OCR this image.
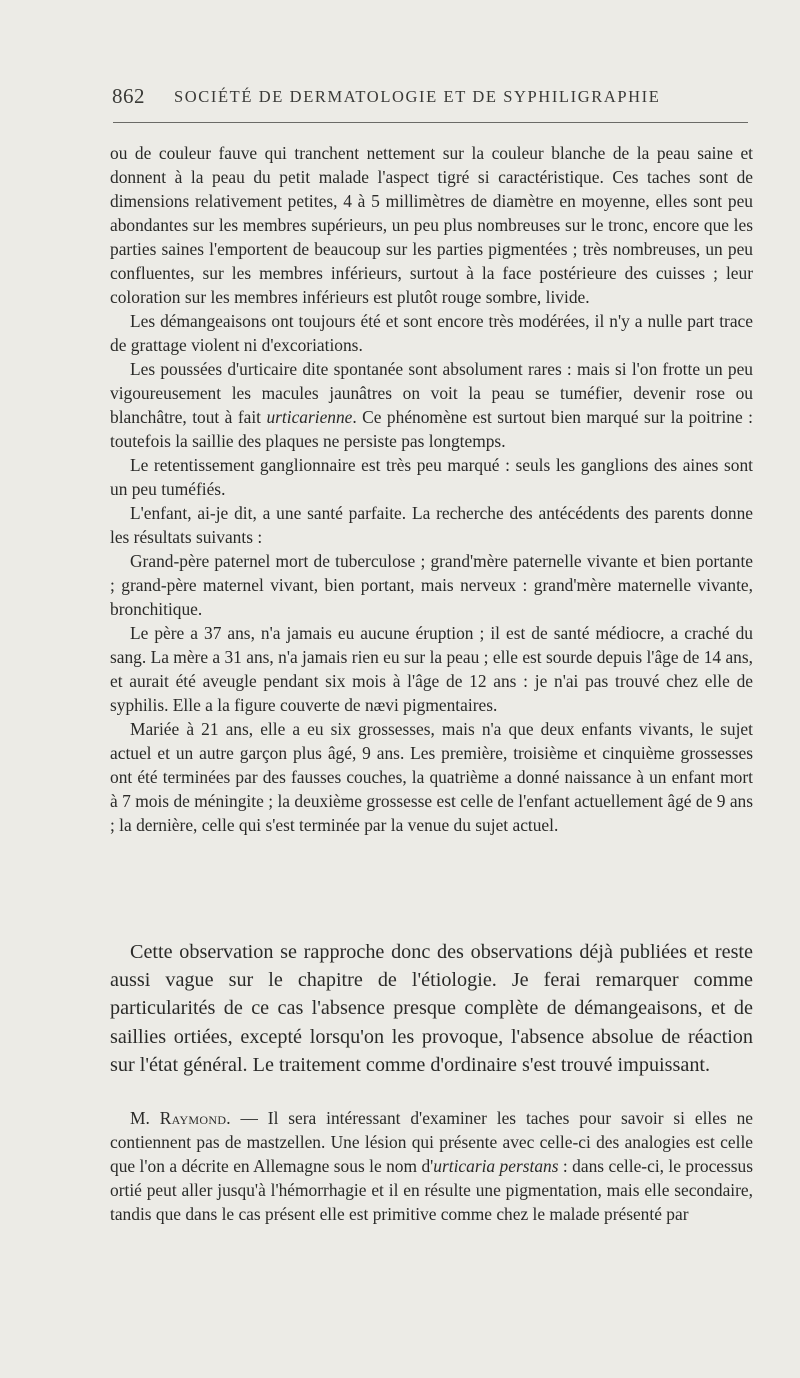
862 SOCIÉTÉ DE DERMATOLOGIE ET DE SYPHILIGRAPHIE

ou de couleur fauve qui tranchent nettement sur la couleur blanche de la peau saine et donnent à la peau du petit malade l'aspect tigré si caractéristique. Ces taches sont de dimensions relativement petites, 4 à 5 millimètres de diamètre en moyenne, elles sont peu abondantes sur les membres supérieurs, un peu plus nombreuses sur le tronc, encore que les parties saines l'emportent de beaucoup sur les parties pigmentées ; très nombreuses, un peu confluentes, sur les membres inférieurs, surtout à la face postérieure des cuisses ; leur coloration sur les membres inférieurs est plutôt rouge sombre, livide.

Les démangeaisons ont toujours été et sont encore très modérées, il n'y a nulle part trace de grattage violent ni d'excoriations.

Les poussées d'urticaire dite spontanée sont absolument rares : mais si l'on frotte un peu vigoureusement les macules jaunâtres on voit la peau se tuméfier, devenir rose ou blanchâtre, tout à fait urticarienne. Ce phénomène est surtout bien marqué sur la poitrine : toutefois la saillie des plaques ne persiste pas longtemps.

Le retentissement ganglionnaire est très peu marqué : seuls les ganglions des aines sont un peu tuméfiés.

L'enfant, ai-je dit, a une santé parfaite. La recherche des antécédents des parents donne les résultats suivants :

Grand-père paternel mort de tuberculose ; grand'mère paternelle vivante et bien portante ; grand-père maternel vivant, bien portant, mais nerveux : grand'mère maternelle vivante, bronchitique.

Le père a 37 ans, n'a jamais eu aucune éruption ; il est de santé médiocre, a craché du sang. La mère a 31 ans, n'a jamais rien eu sur la peau ; elle est sourde depuis l'âge de 14 ans, et aurait été aveugle pendant six mois à l'âge de 12 ans : je n'ai pas trouvé chez elle de syphilis. Elle a la figure couverte de nævi pigmentaires.

Mariée à 21 ans, elle a eu six grossesses, mais n'a que deux enfants vivants, le sujet actuel et un autre garçon plus âgé, 9 ans. Les première, troisième et cinquième grossesses ont été terminées par des fausses couches, la quatrième a donné naissance à un enfant mort à 7 mois de méningite ; la deuxième grossesse est celle de l'enfant actuellement âgé de 9 ans ; la dernière, celle qui s'est terminée par la venue du sujet actuel.

Cette observation se rapproche donc des observations déjà publiées et reste aussi vague sur le chapitre de l'étiologie. Je ferai remarquer comme particularités de ce cas l'absence presque complète de démangeaisons, et de saillies ortiées, excepté lorsqu'on les provoque, l'absence absolue de réaction sur l'état général. Le traitement comme d'ordinaire s'est trouvé impuissant.

M. Raymond. — Il sera intéressant d'examiner les taches pour savoir si elles ne contiennent pas de mastzellen. Une lésion qui présente avec celle-ci des analogies est celle que l'on a décrite en Allemagne sous le nom d'urticaria perstans : dans celle-ci, le processus ortié peut aller jusqu'à l'hémorrhagie et il en résulte une pigmentation, mais elle secondaire, tandis que dans le cas présent elle est primitive comme chez le malade présenté par
